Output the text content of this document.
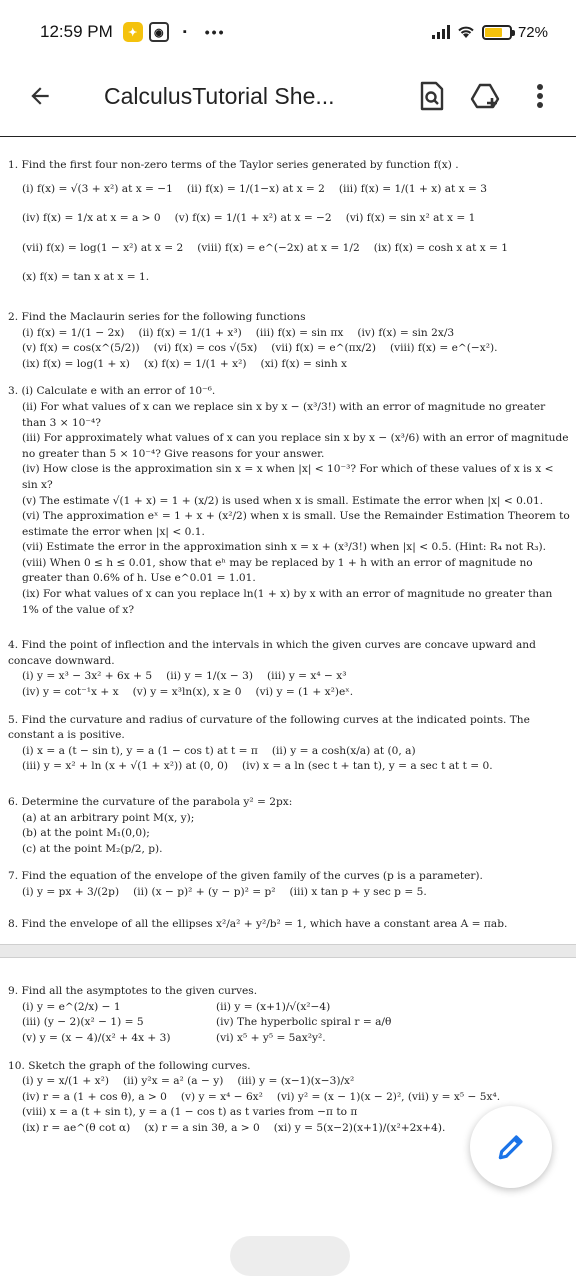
12:59 PM	✦	◉	▪	•••	72%
CalculusTutorial She...
1. Find the first four non-zero terms of the Taylor series generated by function f(x) .
(i) f(x) = √(3 + x²) at x = −1 (ii) f(x) = 1/(1−x) at x = 2 (iii) f(x) = 1/(1 + x) at x = 3
(iv) f(x) = 1/x at x = a > 0 (v) f(x) = 1/(1 + x²) at x = −2 (vi) f(x) = sin x² at x = 1
(vii) f(x) = log(1 − x²) at x = 2 (viii) f(x) = e^(−2x) at x = 1/2 (ix) f(x) = cosh x at x = 1
(x) f(x) = tan x at x = 1.
2. Find the Maclaurin series for the following functions
(i) f(x) = 1/(1 − 2x) (ii) f(x) = 1/(1 + x³) (iii) f(x) = sin πx (iv) f(x) = sin 2x/3
(v) f(x) = cos(x^(5/2)) (vi) f(x) = cos √(5x) (vii) f(x) = e^(πx/2) (viii) f(x) = e^(−x²).
(ix) f(x) = log(1 + x) (x) f(x) = 1/(1 + x²) (xi) f(x) = sinh x
3. (i) Calculate e with an error of 10⁻⁶.
(ii) For what values of x can we replace sin x by x − (x³/3!) with an error of magnitude no greater than 3 × 10⁻⁴?
(iii) For approximately what values of x can you replace sin x by x − (x³/6) with an error of magnitude no greater than 5 × 10⁻⁴? Give reasons for your answer.
(iv) How close is the approximation sin x = x when |x| < 10⁻³? For which of these values of x is x < sin x?
(v) The estimate √(1 + x) = 1 + (x/2) is used when x is small. Estimate the error when |x| < 0.01.
(vi) The approximation eˣ = 1 + x + (x²/2) when x is small. Use the Remainder Estimation Theorem to estimate the error when |x| < 0.1.
(vii) Estimate the error in the approximation sinh x = x + (x³/3!) when |x| < 0.5. (Hint: R₄ not R₃).
(viii) When 0 ≤ h ≤ 0.01, show that eʰ may be replaced by 1 + h with an error of magnitude no greater than 0.6% of h. Use e^0.01 = 1.01.
(ix) For what values of x can you replace ln(1 + x) by x with an error of magnitude no greater than 1% of the value of x?
4. Find the point of inflection and the intervals in which the given curves are concave upward and concave downward.
(i) y = x³ − 3x² + 6x + 5 (ii) y = 1/(x − 3) (iii) y = x⁴ − x³
(iv) y = cot⁻¹x + x (v) y = x³ln(x), x ≥ 0 (vi) y = (1 + x²)eˣ.
5. Find the curvature and radius of curvature of the following curves at the indicated points. The constant a is positive.
(i) x = a (t − sin t), y = a (1 − cos t) at t = π (ii) y = a cosh(x/a) at (0, a)
(iii) y = x² + ln (x + √(1 + x²)) at (0, 0) (iv) x = a ln (sec t + tan t), y = a sec t at t = 0.
6. Determine the curvature of the parabola y² = 2px:
(a) at an arbitrary point M(x, y);
(b) at the point M₁(0,0);
(c) at the point M₂(p/2, p).
7. Find the equation of the envelope of the given family of the curves (p is a parameter).
(i) y = px + 3/(2p) (ii) (x − p)² + (y − p)² = p² (iii) x tan p + y sec p = 5.
8. Find the envelope of all the ellipses x²/a² + y²/b² = 1, which have a constant area A = πab.
9. Find all the asymptotes to the given curves.
(i) y = e^(2/x) − 1	(ii) y = (x+1)/√(x²−4)
(iii) (y − 2)(x² − 1) = 5	(iv) The hyperbolic spiral r = a/θ
(v) y = (x − 4)/(x² + 4x + 3)	(vi) x⁵ + y⁵ = 5ax²y².
10. Sketch the graph of the following curves.
(i) y = x/(1 + x²) (ii) y²x = a² (a − y) (iii) y = (x−1)(x−3)/x²
(iv) r = a (1 + cos θ), a > 0 (v) y = x⁴ − 6x² (vi) y² = (x − 1)(x − 2)², (vii) y = x⁵ − 5x⁴.
(viii) x = a (t + sin t), y = a (1 − cos t) as t varies from −π to π
(ix) r = ae^(θ cot α) (x) r = a sin 3θ, a > 0 (xi) y = 5(x−2)(x+1)/(x²+2x+4).
